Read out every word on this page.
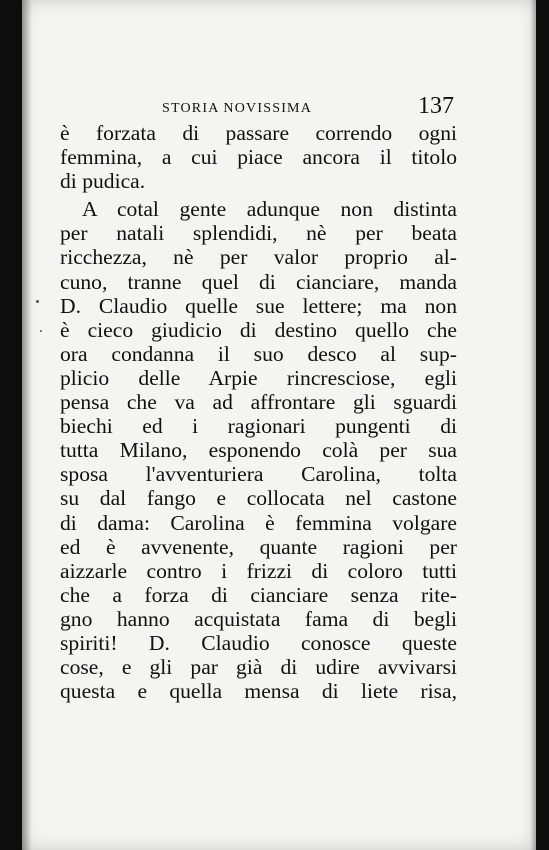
STORIA NOVISSIMA	137
è forzata di passare correndo ogni
femmina, a cui piace ancora il titolo
di pudica.
A cotal gente adunque non distinta
per natali splendidi, nè per beata
ricchezza, nè per valor proprio al-
cuno, tranne quel di cianciare, manda
D. Claudio quelle sue lettere; ma non
è cieco giudicio di destino quello che
ora condanna il suo desco al sup-
plicio delle Arpie rincresciose, egli
pensa che va ad affrontare gli sguardi
biechi ed i ragionari pungenti di
tutta Milano, esponendo colà per sua
sposa l'avventuriera Carolina, tolta
su dal fango e collocata nel castone
di dama: Carolina è femmina volgare
ed è avvenente, quante ragioni per
aizzarle contro i frizzi di coloro tutti
che a forza di cianciare senza rite-
gno hanno acquistata fama di begli
spiriti! D. Claudio conosce queste
cose, e gli par già di udire avvivarsi
questa e quella mensa di liete risa,
